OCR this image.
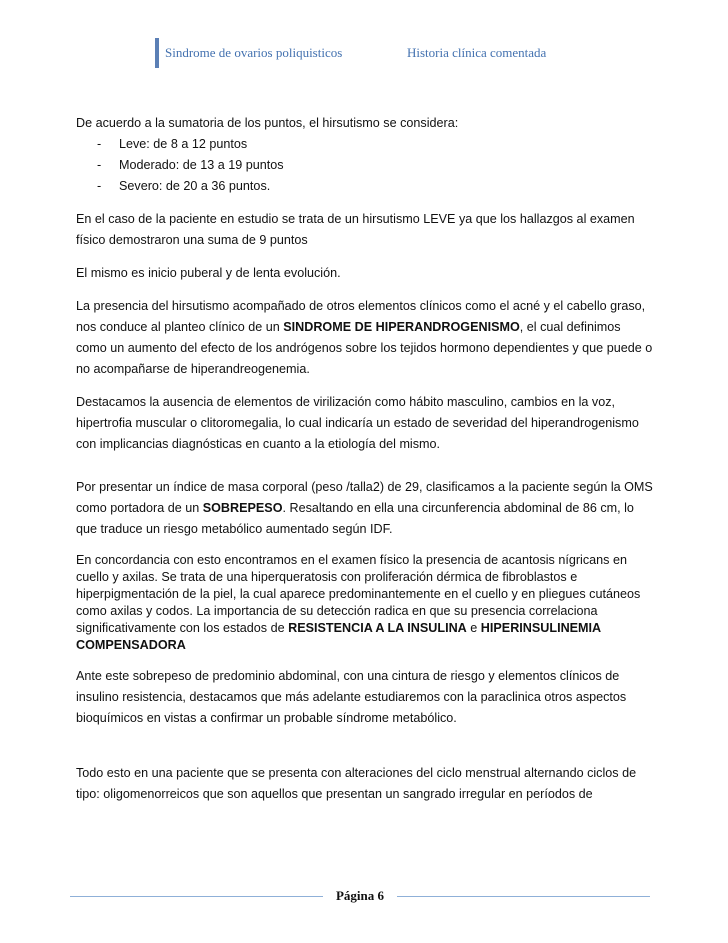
Sindrome de ovarios poliquisticos	Historia clínica comentada

De acuerdo a la sumatoria de los puntos, el hirsutismo se considera:

- Leve: de 8 a 12 puntos
- Moderado: de 13 a 19 puntos
- Severo: de 20 a 36 puntos.

En el caso de la paciente en estudio se trata de un hirsutismo LEVE ya que los hallazgos al examen físico demostraron una suma de 9 puntos

El mismo es inicio puberal y de lenta evolución.

La presencia del hirsutismo acompañado de otros elementos clínicos como el acné y el cabello graso, nos conduce al planteo clínico de un SINDROME DE HIPERANDROGENISMO, el cual definimos como un aumento del efecto de los andrógenos sobre los tejidos hormono dependientes y que puede o no acompañarse de hiperandreogenemia.

Destacamos la ausencia de elementos de virilización como hábito masculino, cambios en la voz, hipertrofia muscular o clitoromegalia, lo cual indicaría un estado de severidad del hiperandrogenismo con implicancias diagnósticas en cuanto a la etiología del mismo.

Por presentar un índice de masa corporal (peso /talla2) de 29, clasificamos a la paciente según la OMS como portadora de un SOBREPESO. Resaltando en ella una circunferencia abdominal de 86 cm, lo que traduce un riesgo metabólico aumentado según IDF.

En concordancia con esto encontramos en el examen físico la presencia de acantosis nígricans en cuello y axilas. Se trata de una hiperqueratosis con proliferación dérmica de fibroblastos e hiperpigmentación de la piel, la cual aparece predominantemente en el cuello y en pliegues cutáneos como axilas y codos. La importancia de su detección radica en que su presencia correlaciona significativamente con los estados de RESISTENCIA A LA INSULINA e HIPERINSULINEMIA COMPENSADORA

Ante este sobrepeso de predominio abdominal, con una cintura de riesgo y elementos clínicos de insulino resistencia, destacamos que más adelante estudiaremos con la paraclinica otros aspectos bioquímicos en vistas a confirmar un probable síndrome metabólico.

Todo esto en una paciente que se presenta con alteraciones del ciclo menstrual alternando ciclos de tipo: oligomenorreicos que son aquellos que presentan un sangrado irregular en períodos de

Página 6
